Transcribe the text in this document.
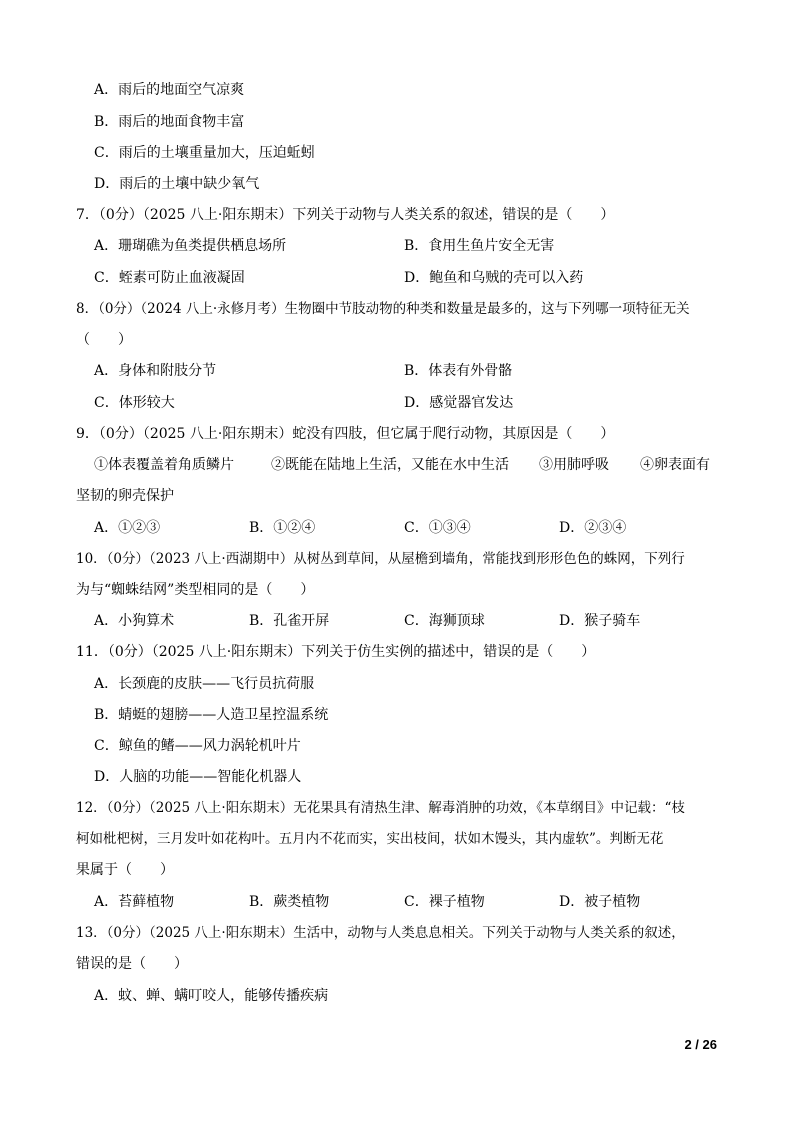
A．雨后的地面空气凉爽
B．雨后的地面食物丰富
C．雨后的土壤重量加大，压迫蚯蚓
D．雨后的土壤中缺少氧气
7．（0分）（2025 八上·阳东期末）下列关于动物与人类关系的叙述，错误的是（　　）
A．珊瑚礁为鱼类提供栖息场所	B．食用生鱼片安全无害
C．蛭素可防止血液凝固	D．鲍鱼和乌贼的壳可以入药
8．（0分）（2024 八上·永修月考）生物圈中节肢动物的种类和数量是最多的，这与下列哪一项特征无关
（　　）
A．身体和附肢分节	B．体表有外骨骼
C．体形较大	D．感觉器官发达
9．（0分）（2025 八上·阳东期末）蛇没有四肢，但它属于爬行动物，其原因是（　　）
①体表覆盖着角质鳞片	②既能在陆地上生活，又能在水中生活 ③用肺呼吸 ④卵表面有
坚韧的卵壳保护
A．①②③	B．①②④	C．①③④	D．②③④
10．（0分）（2023 八上·西湖期中）从树丛到草间，从屋檐到墙角，常能找到形形色色的蛛网，下列行
为与“蜘蛛结网”类型相同的是（　　）
A．小狗算术	B．孔雀开屏	C．海狮顶球	D．猴子骑车
11．（0分）（2025 八上·阳东期末）下列关于仿生实例的描述中，错误的是（　　）
A．长颈鹿的皮肤——飞行员抗荷服
B．蜻蜓的翅膀——人造卫星控温系统
C．鲸鱼的鳍——风力涡轮机叶片
D．人脑的功能——智能化机器人
12．（0分）（2025 八上·阳东期末）无花果具有清热生津、解毒消肿的功效，《本草纲目》中记载：“枝
柯如枇杷树，三月发叶如花构叶。五月内不花而实，实出枝间，状如木馒头，其内虚软”。判断无花
果属于（　　）
A．苔藓植物	B．蕨类植物	C．裸子植物	D．被子植物
13．（0分）（2025 八上·阳东期末）生活中，动物与人类息息相关。下列关于动物与人类关系的叙述，
错误的是（　　）
A．蚊、蝉、螨叮咬人，能够传播疾病
2 / 26
